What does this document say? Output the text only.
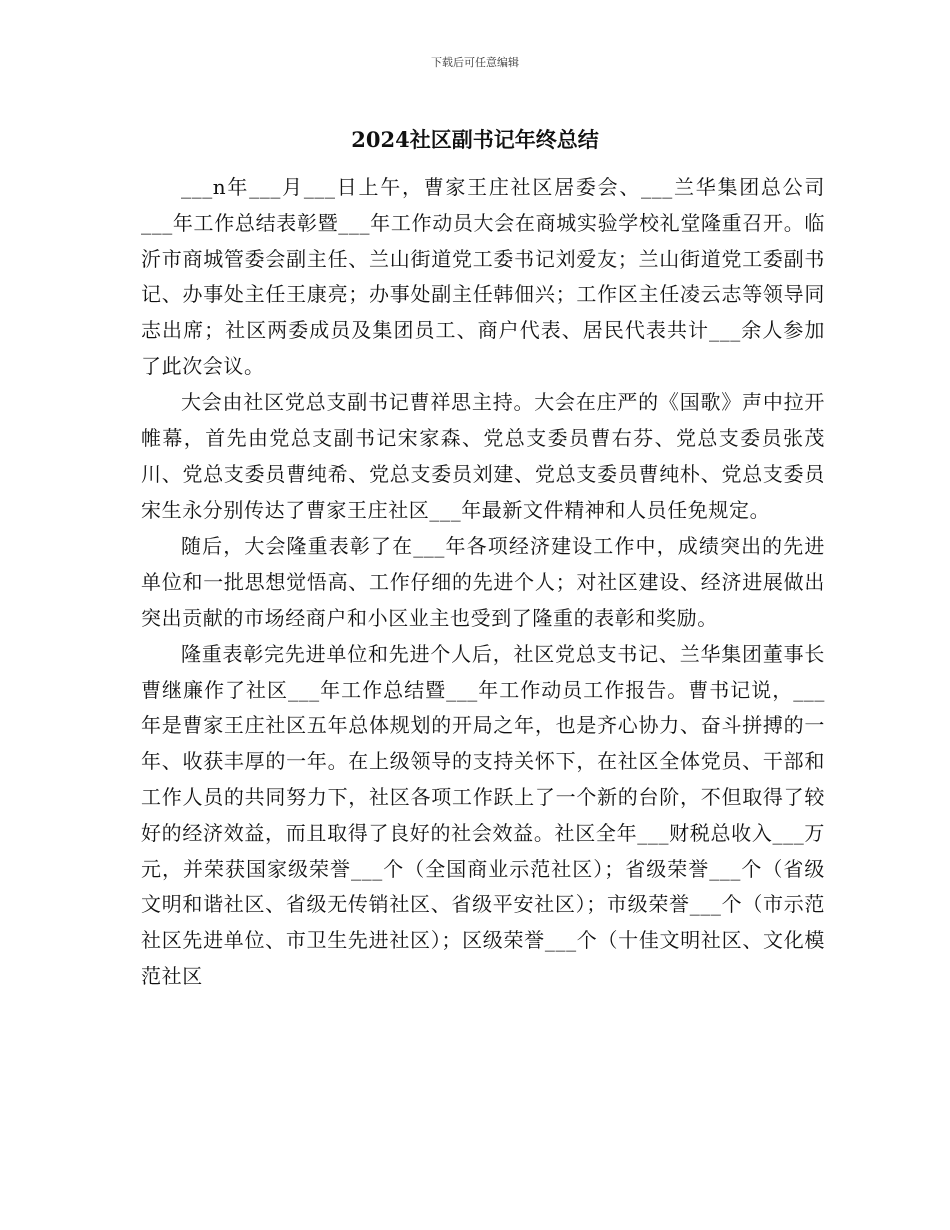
下载后可任意编辑
2024社区副书记年终总结

___n年___月___日上午，曹家王庄社区居委会、___兰华集团总公司___年工作总结表彰暨___年工作动员大会在商城实验学校礼堂隆重召开。临沂市商城管委会副主任、兰山街道党工委书记刘爱友；兰山街道党工委副书记、办事处主任王康亮；办事处副主任韩佃兴；工作区主任凌云志等领导同志出席；社区两委成员及集团员工、商户代表、居民代表共计___余人参加了此次会议。

大会由社区党总支副书记曹祥思主持。大会在庄严的《国歌》声中拉开帷幕，首先由党总支副书记宋家森、党总支委员曹右芬、党总支委员张茂川、党总支委员曹纯希、党总支委员刘建、党总支委员曹纯朴、党总支委员宋生永分别传达了曹家王庄社区___年最新文件精神和人员任免规定。

随后，大会隆重表彰了在___年各项经济建设工作中，成绩突出的先进单位和一批思想觉悟高、工作仔细的先进个人；对社区建设、经济进展做出突出贡献的市场经商户和小区业主也受到了隆重的表彰和奖励。

隆重表彰完先进单位和先进个人后，社区党总支书记、兰华集团董事长曹继廉作了社区___年工作总结暨___年工作动员工作报告。曹书记说，___年是曹家王庄社区五年总体规划的开局之年，也是齐心协力、奋斗拼搏的一年、收获丰厚的一年。在上级领导的支持关怀下，在社区全体党员、干部和工作人员的共同努力下，社区各项工作跃上了一个新的台阶，不但取得了较好的经济效益，而且取得了良好的社会效益。社区全年___财税总收入___万元，并荣获国家级荣誉___个（全国商业示范社区）；省级荣誉___个（省级文明和谐社区、省级无传销社区、省级平安社区）；市级荣誉___个（市示范社区先进单位、市卫生先进社区）；区级荣誉___个（十佳文明社区、文化模范社区
